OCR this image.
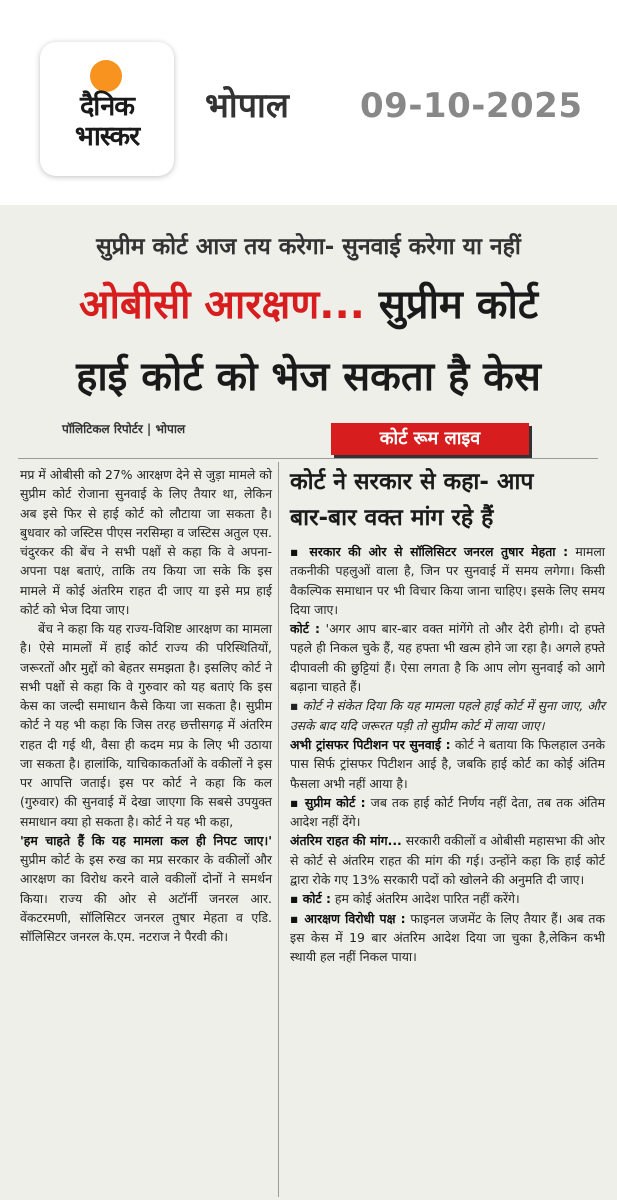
दैनिक
भास्कर
भोपाल 09-10-2025
सुप्रीम कोर्ट आज तय करेगा- सुनवाई करेगा या नहीं
ओबीसी आरक्षण... सुप्रीम कोर्ट
हाई कोर्ट को भेज सकता है केस
पॉलिटिकल रिपोर्टर | भोपाल	कोर्ट रूम लाइव

मप्र में ओबीसी को 27% आरक्षण देने से जुड़ा मामले को सुप्रीम कोर्ट रोजाना सुनवाई के लिए तैयार था, लेकिन अब इसे फिर से हाई कोर्ट को लौटाया जा सकता है। बुधवार को जस्टिस पीएस नरसिम्हा व जस्टिस अतुल एस. चंदुरकर की बेंच ने सभी पक्षों से कहा कि वे अपना-अपना पक्ष बताएं, ताकि तय किया जा सके कि इस मामले में कोई अंतरिम राहत दी जाए या इसे मप्र हाई कोर्ट को भेज दिया जाए।

बेंच ने कहा कि यह राज्य-विशिष्ट आरक्षण का मामला है। ऐसे मामलों में हाई कोर्ट राज्य की परिस्थितियों, जरूरतों और मुद्दों को बेहतर समझता है। इसलिए कोर्ट ने सभी पक्षों से कहा कि वे गुरुवार को यह बताएं कि इस केस का जल्दी समाधान कैसे किया जा सकता है। सुप्रीम कोर्ट ने यह भी कहा कि जिस तरह छत्तीसगढ़ में अंतरिम राहत दी गई थी, वैसा ही कदम मप्र के लिए भी उठाया जा सकता है। हालांकि, याचिकाकर्ताओं के वकीलों ने इस पर आपत्ति जताई। इस पर कोर्ट ने कहा कि कल (गुरुवार) की सुनवाई में देखा जाएगा कि सबसे उपयुक्त समाधान क्या हो सकता है। कोर्ट ने यह भी कहा,
'हम चाहते हैं कि यह मामला कल ही निपट जाए।' सुप्रीम कोर्ट के इस रुख का मप्र सरकार के वकीलों और आरक्षण का विरोध करने वाले वकीलों दोनों ने समर्थन किया। राज्य की ओर से अटॉर्नी जनरल आर. वेंकटरमणी, सॉलिसिटर जनरल तुषार मेहता व एडि. सॉलिसिटर जनरल के.एम. नटराज ने पैरवी की।

कोर्ट ने सरकार से कहा- आप
बार-बार वक्त मांग रहे हैं

▪ सरकार की ओर से सॉलिसिटर जनरल तुषार मेहता : मामला तकनीकी पहलुओं वाला है, जिन पर सुनवाई में समय लगेगा। किसी वैकल्पिक समाधान पर भी विचार किया जाना चाहिए। इसके लिए समय दिया जाए।

कोर्ट : 'अगर आप बार-बार वक्त मांगेंगे तो और देरी होगी। दो हफ्ते पहले ही निकल चुके हैं, यह हफ्ता भी खत्म होने जा रहा है। अगले हफ्ते दीपावली की छुट्टियां हैं। ऐसा लगता है कि आप लोग सुनवाई को आगे बढ़ाना चाहते हैं।

▪ कोर्ट ने संकेत दिया कि यह मामला पहले हाई कोर्ट में सुना जाए, और उसके बाद यदि जरूरत पड़ी तो सुप्रीम कोर्ट में लाया जाए।

अभी ट्रांसफर पिटीशन पर सुनवाई : कोर्ट ने बताया कि फिलहाल उनके पास सिर्फ ट्रांसफर पिटीशन आई है, जबकि हाई कोर्ट का कोई अंतिम फैसला अभी नहीं आया है।

▪ सुप्रीम कोर्ट : जब तक हाई कोर्ट निर्णय नहीं देता, तब तक अंतिम आदेश नहीं देंगे।

अंतरिम राहत की मांग... सरकारी वकीलों व ओबीसी महासभा की ओर से कोर्ट से अंतरिम राहत की मांग की गई। उन्होंने कहा कि हाई कोर्ट द्वारा रोके गए 13% सरकारी पदों को खोलने की अनुमति दी जाए।

▪ कोर्ट : हम कोई अंतरिम आदेश पारित नहीं करेंगे।

▪ आरक्षण विरोधी पक्ष : फाइनल जजमेंट के लिए तैयार हैं। अब तक इस केस में 19 बार अंतरिम आदेश दिया जा चुका है,लेकिन कभी स्थायी हल नहीं निकल पाया।
